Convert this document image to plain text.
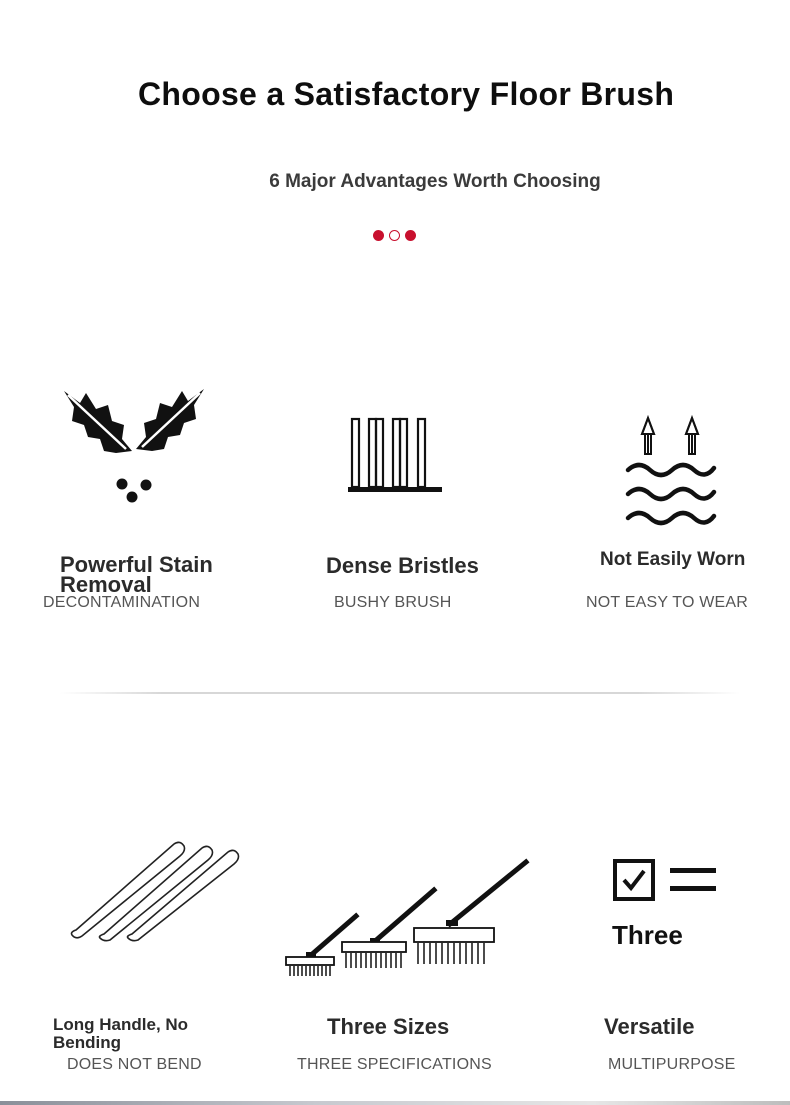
Choose a Satisfactory Floor Brush
6 Major Advantages Worth Choosing
Powerful Stain Removal
DECONTAMINATION
Dense Bristles
BUSHY BRUSH
Not Easily Worn
NOT EASY TO WEAR
Long Handle, No Bending
DOES NOT BEND
Three Sizes
THREE SPECIFICATIONS
Three
Versatile
MULTIPURPOSE
